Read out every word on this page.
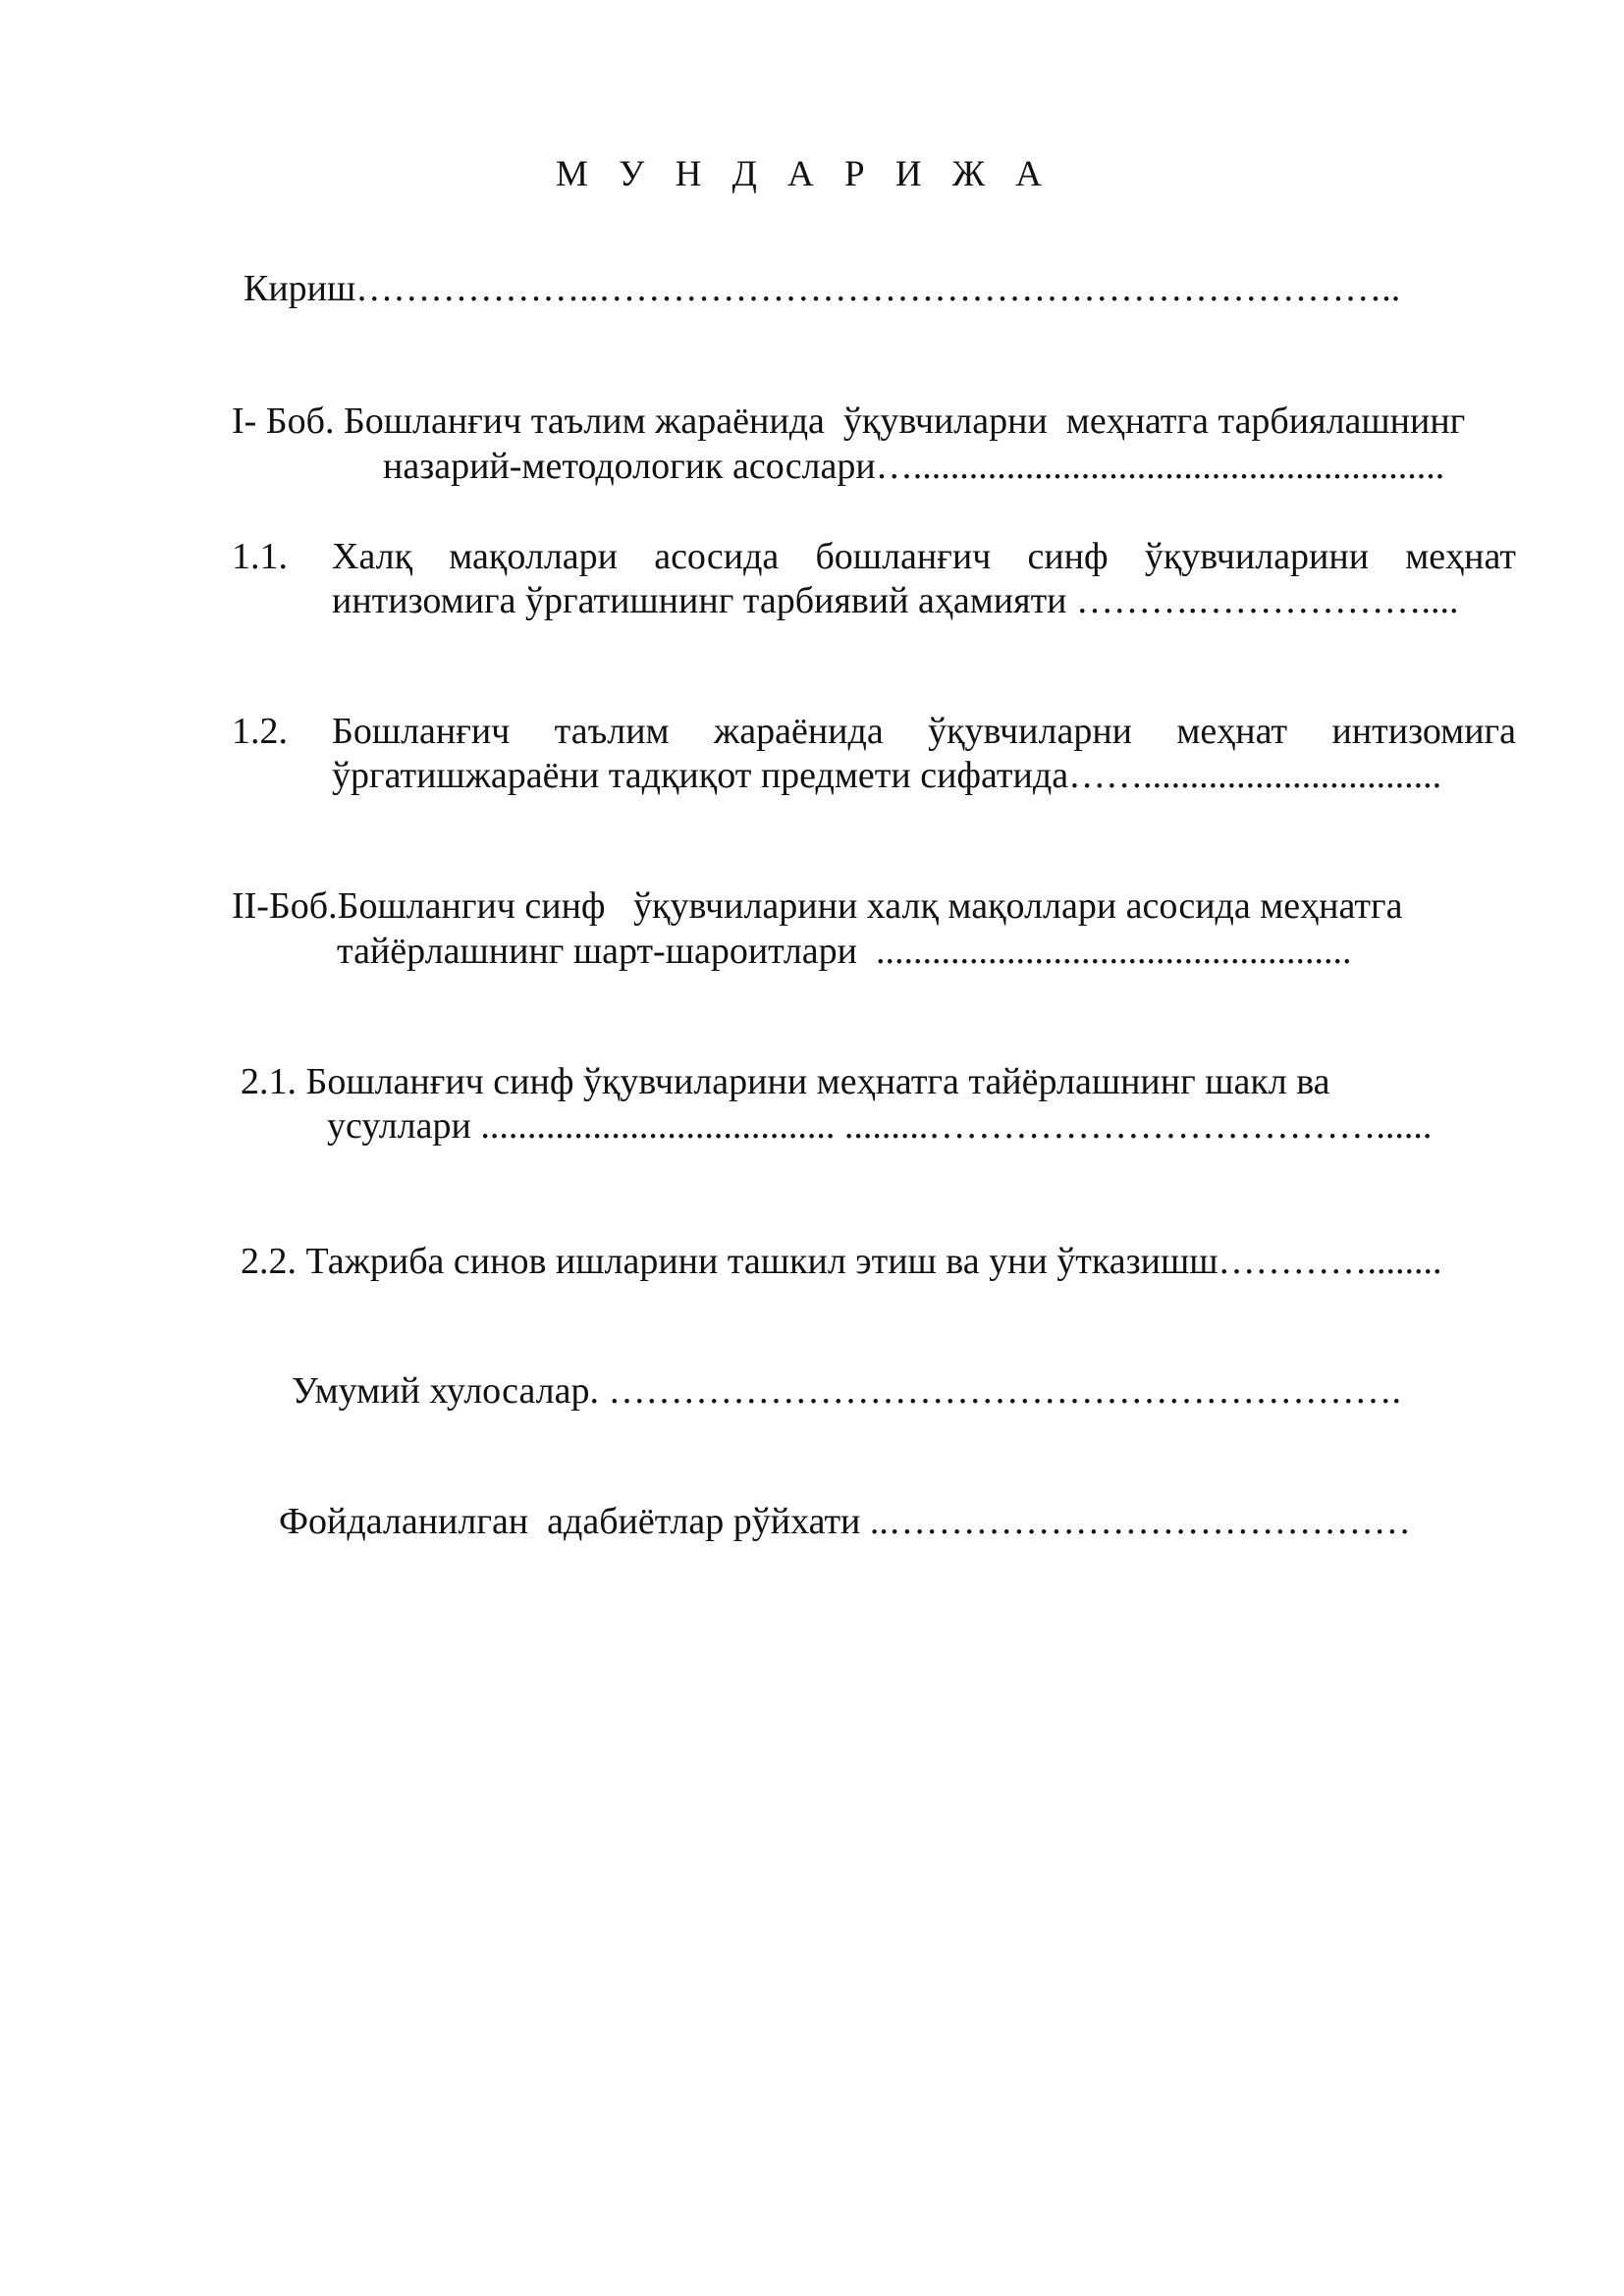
М У Н Д А Р И Ж А
Кириш………………..………………………………………………………..
I- Боб. Бошланғич таълим жараёнида  ўқувчиларни  меҳнатга тарбиялашнинг
назарий-методологик асослари….........................................................
1.1. Халқ мақоллари асосида бошланғич синф ўқувчиларини меҳнат
интизомига ўргатишнинг тарбиявий аҳамияти ……….………………....
1.2. Бошланғич таълим жараёнида ўқувчиларни меҳнат интизомига
ўргатишжараёни тадқиқот предмети сифатида……................................
II-Боб.Бошлангич синф   ўқувчиларини халқ мақоллари асосида меҳнатга
тайёрлашнинг шарт-шароитлари  ...................................................
2.1. Бошланғич синф ўқувчиларини меҳнатга тайёрлашнинг шакл ва
усуллари ...................................... .........………………………………......
2.2. Тажриба синов ишларини ташкил этиш ва уни ўтказишш…………........
Умумий хулосалар. ……………………………………………………….
Фойдаланилган  адабиётлар рўйхати ..……………………………………
